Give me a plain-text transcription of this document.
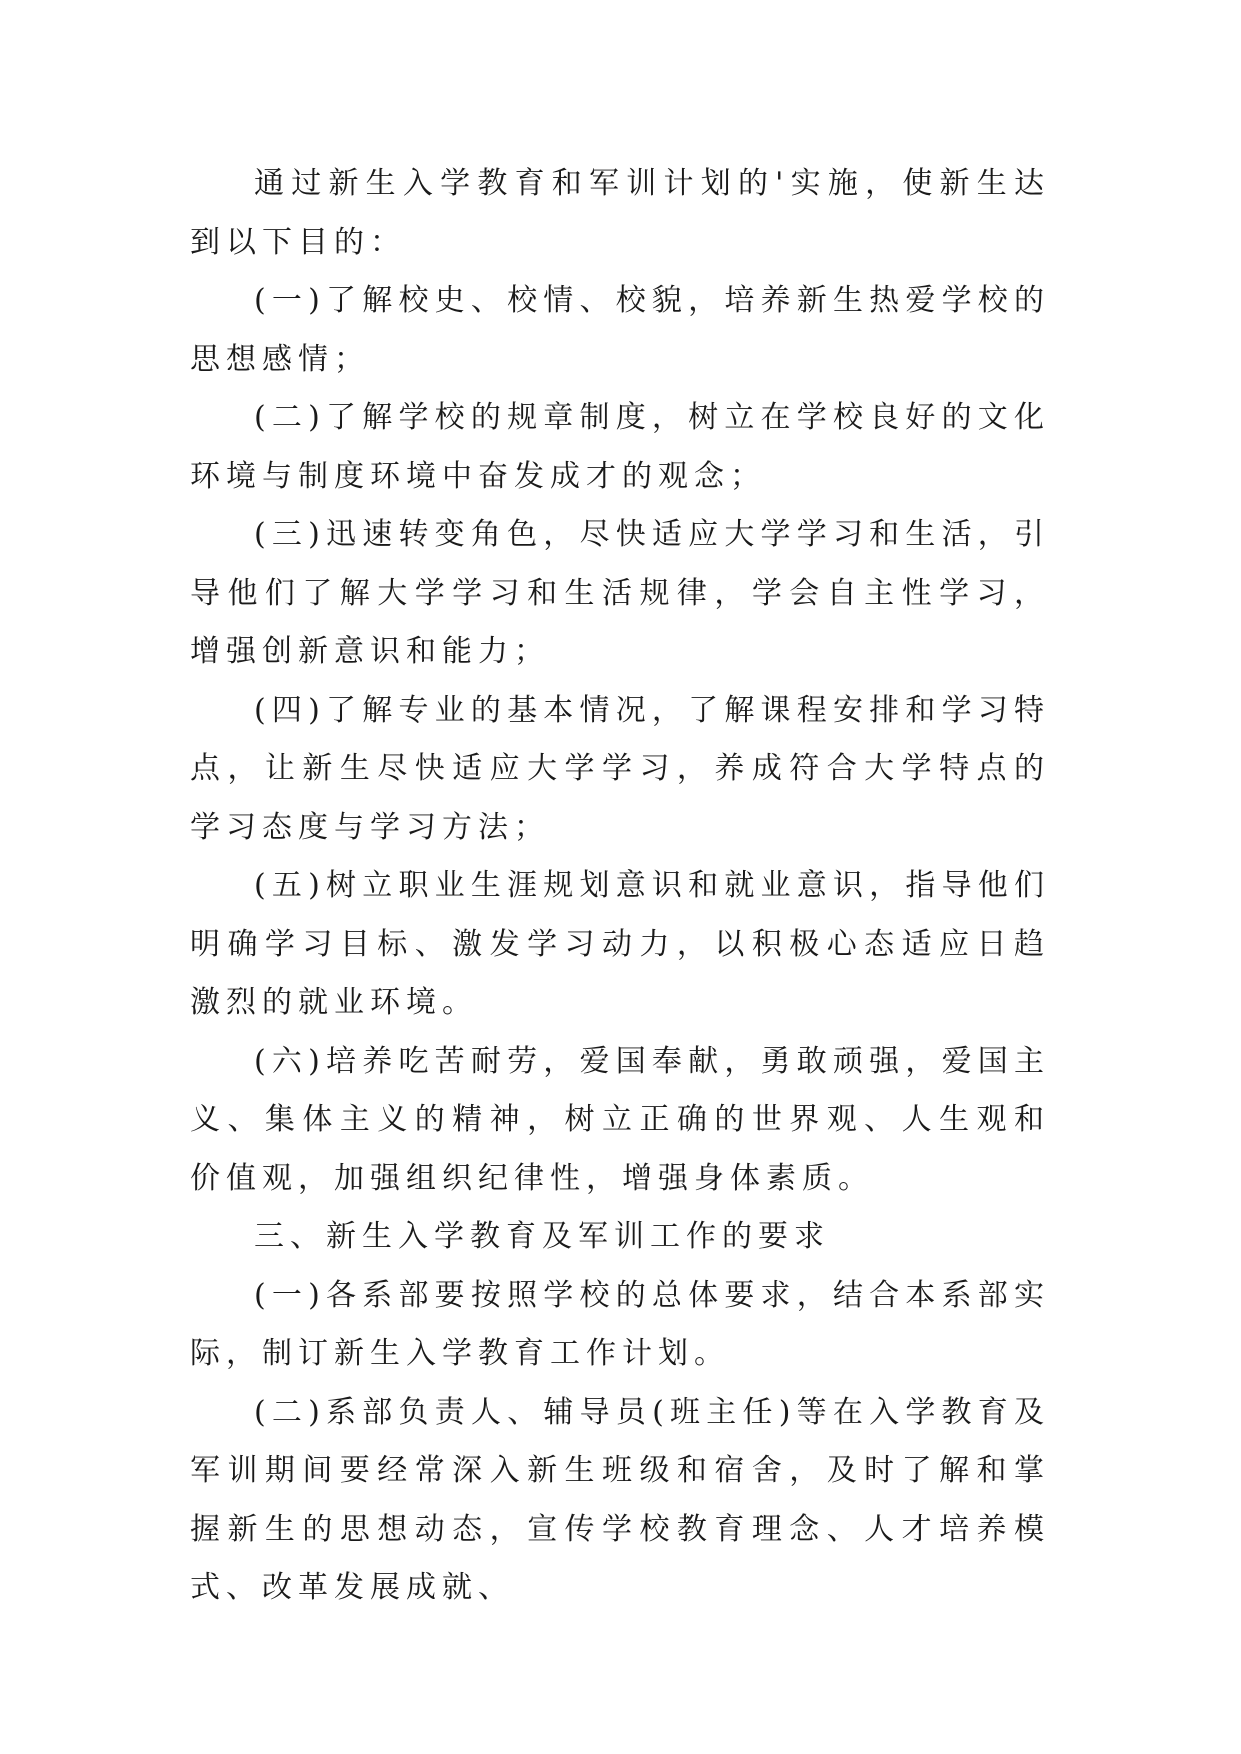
通过新生入学教育和军训计划的'实施，使新生达到以下目的：

(一)了解校史、校情、校貌，培养新生热爱学校的思想感情；

(二)了解学校的规章制度，树立在学校良好的文化环境与制度环境中奋发成才的观念；

(三)迅速转变角色，尽快适应大学学习和生活，引导他们了解大学学习和生活规律，学会自主性学习，增强创新意识和能力；

(四)了解专业的基本情况，了解课程安排和学习特点，让新生尽快适应大学学习，养成符合大学特点的学习态度与学习方法；

(五)树立职业生涯规划意识和就业意识，指导他们明确学习目标、激发学习动力，以积极心态适应日趋激烈的就业环境。

(六)培养吃苦耐劳，爱国奉献，勇敢顽强，爱国主义、集体主义的精神，树立正确的世界观、人生观和价值观，加强组织纪律性，增强身体素质。

三、新生入学教育及军训工作的要求

(一)各系部要按照学校的总体要求，结合本系部实际，制订新生入学教育工作计划。

(二)系部负责人、辅导员(班主任)等在入学教育及军训期间要经常深入新生班级和宿舍，及时了解和掌握新生的思想动态，宣传学校教育理念、人才培养模式、改革发展成就、
